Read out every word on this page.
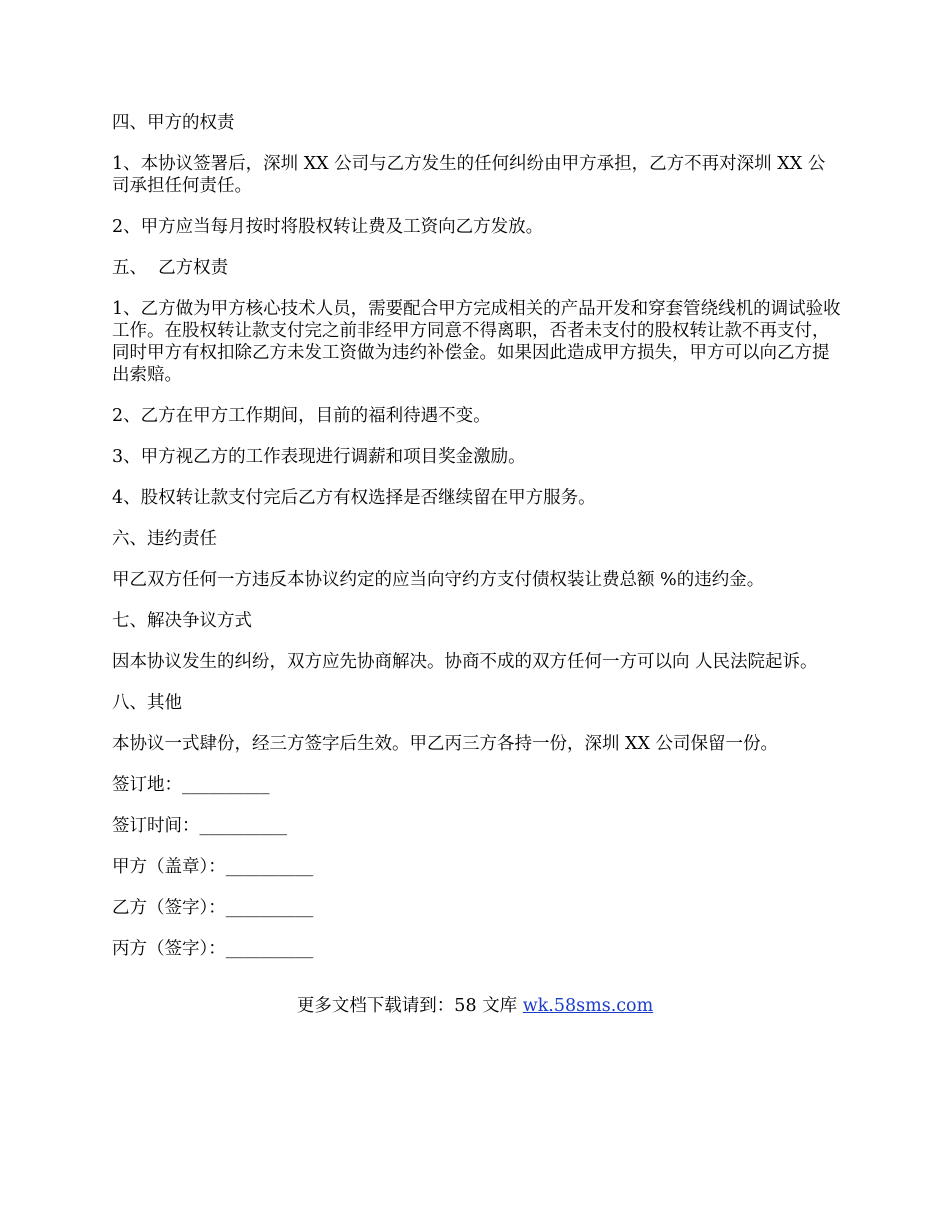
四、甲方的权责

1、本协议签署后，深圳 XX 公司与乙方发生的任何纠纷由甲方承担，乙方不再对深圳 XX 公司承担任何责任。

2、甲方应当每月按时将股权转让费及工资向乙方发放。

五、  乙方权责

1、乙方做为甲方核心技术人员，需要配合甲方完成相关的产品开发和穿套管绕线机的调试验收工作。在股权转让款支付完之前非经甲方同意不得离职，否者未支付的股权转让款不再支付，同时甲方有权扣除乙方未发工资做为违约补偿金。如果因此造成甲方损失，甲方可以向乙方提出索赔。

2、乙方在甲方工作期间，目前的福利待遇不变。

3、甲方视乙方的工作表现进行调薪和项目奖金激励。

4、股权转让款支付完后乙方有权选择是否继续留在甲方服务。

六、违约责任

甲乙双方任何一方违反本协议约定的应当向守约方支付债权装让费总额 %的违约金。

七、解决争议方式

因本协议发生的纠纷，双方应先协商解决。协商不成的双方任何一方可以向 人民法院起诉。

八、其他

本协议一式肆份，经三方签字后生效。甲乙丙三方各持一份，深圳 XX 公司保留一份。

签订地：__________

签订时间：__________

甲方（盖章）：__________

乙方（签字）：__________

丙方（签字）：__________

更多文档下载请到：58 文库 wk.58sms.com
